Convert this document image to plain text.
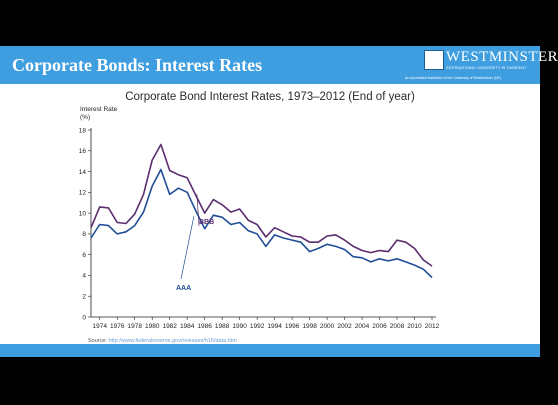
Corporate Bonds: Interest Rates	WESTMINSTER
INTERNATIONAL UNIVERSITY IN TASHKENT
An Accredited Institution of the University of Westminster (UK)
Corporate Bond Interest Rates, 1973–2012 (End of year)
Interest Rate (%)
0
2
4
6
8
10
12
14
16
18
1974 1976 1978 1980 1982 1984 1986 1988 1990 1992 1994 1996 1998 2000 2002 2004 2006 2008 2010 2012
BBB
AAA
Source: http://www.federalreserve.gov/releases/h15/data.htm
